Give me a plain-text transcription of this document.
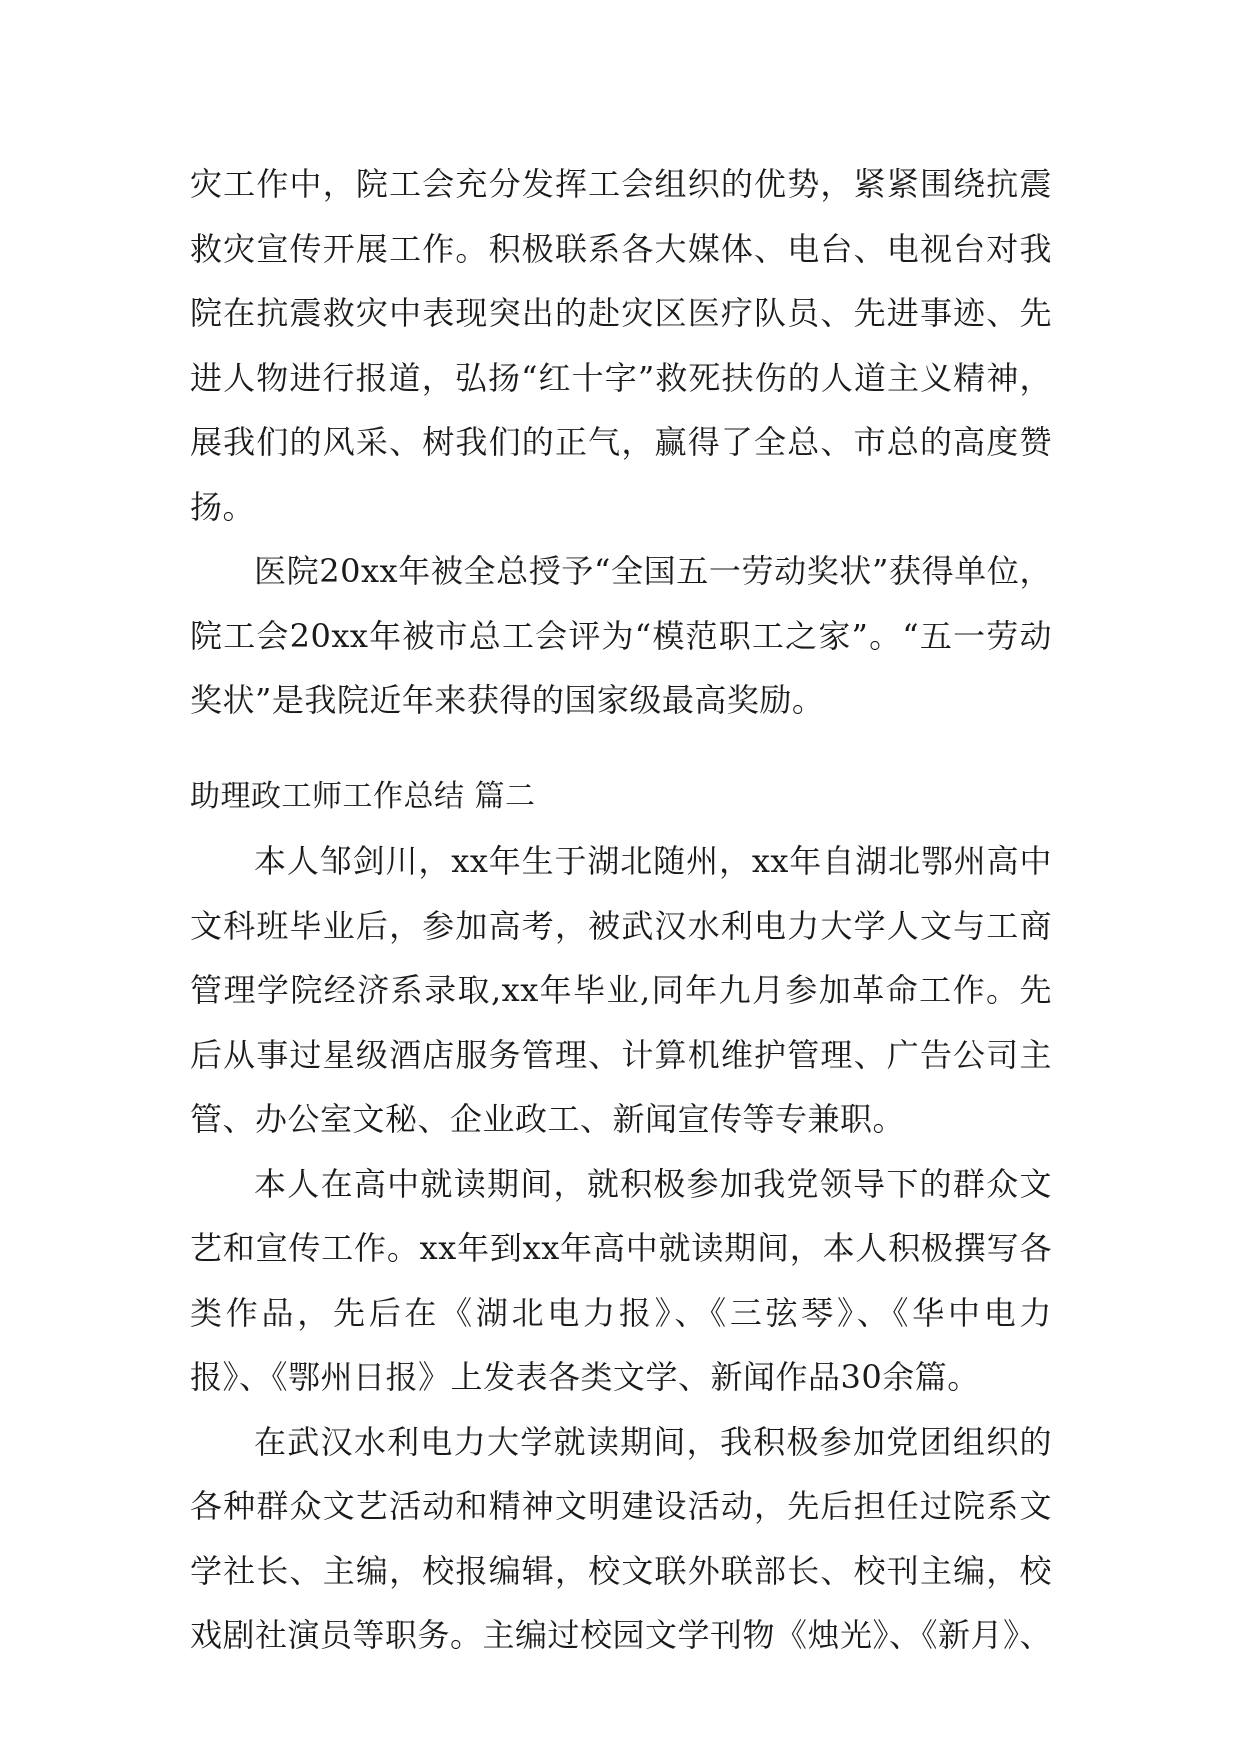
灾工作中，院工会充分发挥工会组织的优势，紧紧围绕抗震救灾宣传开展工作。积极联系各大媒体、电台、电视台对我院在抗震救灾中表现突出的赴灾区医疗队员、先进事迹、先进人物进行报道，弘扬“红十字”救死扶伤的人道主义精神，展我们的风采、树我们的正气，赢得了全总、市总的高度赞扬。

医院20xx年被全总授予“全国五一劳动奖状”获得单位，院工会20xx年被市总工会评为“模范职工之家”。“五一劳动奖状”是我院近年来获得的国家级最高奖励。

助理政工师工作总结 篇二

本人邹剑川，xx年生于湖北随州，xx年自湖北鄂州高中文科班毕业后，参加高考，被武汉水利电力大学人文与工商管理学院经济系录取,xx年毕业,同年九月参加革命工作。先后从事过星级酒店服务管理、计算机维护管理、广告公司主管、办公室文秘、企业政工、新闻宣传等专兼职。

本人在高中就读期间，就积极参加我党领导下的群众文艺和宣传工作。xx年到xx年高中就读期间，本人积极撰写各类作品，先后在《湖北电力报》、《三弦琴》、《华中电力报》、《鄂州日报》上发表各类文学、新闻作品30余篇。

在武汉水利电力大学就读期间，我积极参加党团组织的各种群众文艺活动和精神文明建设活动，先后担任过院系文学社长、主编，校报编辑，校文联外联部长、校刊主编，校戏剧社演员等职务。主编过校园文学刊物《烛光》、《新月》、
